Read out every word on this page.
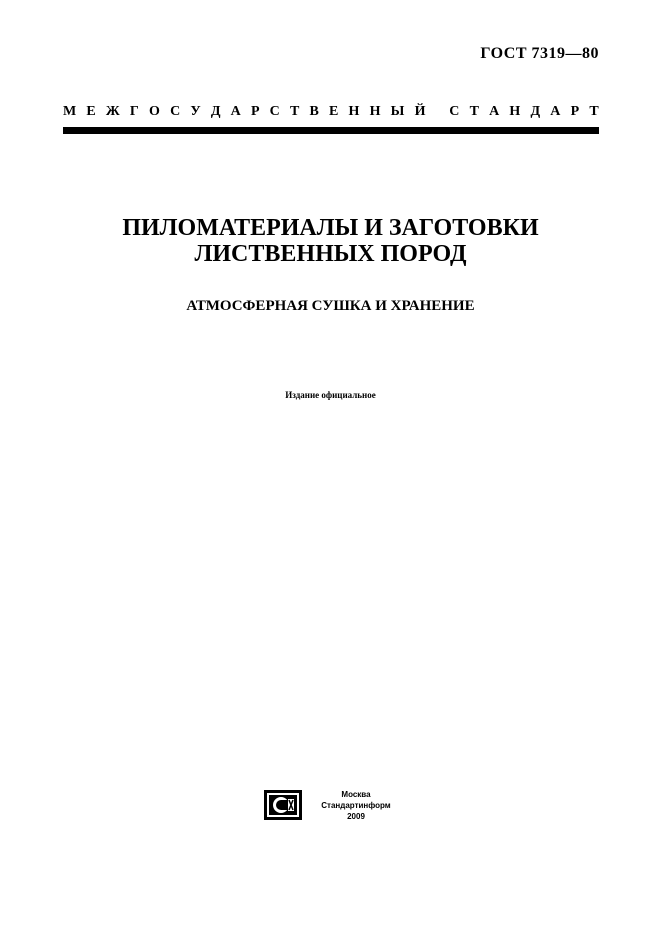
ГОСТ 7319—80
М Е Ж Г О С У Д А Р С Т В Е Н Н Ы Й
С Т А Н Д А Р Т
ПИЛОМАТЕРИАЛЫ И ЗАГОТОВКИ
ЛИСТВЕННЫХ ПОРОД
АТМОСФЕРНАЯ СУШКА И ХРАНЕНИЕ
Издание официальное
Москва
Стандартинформ
2009
